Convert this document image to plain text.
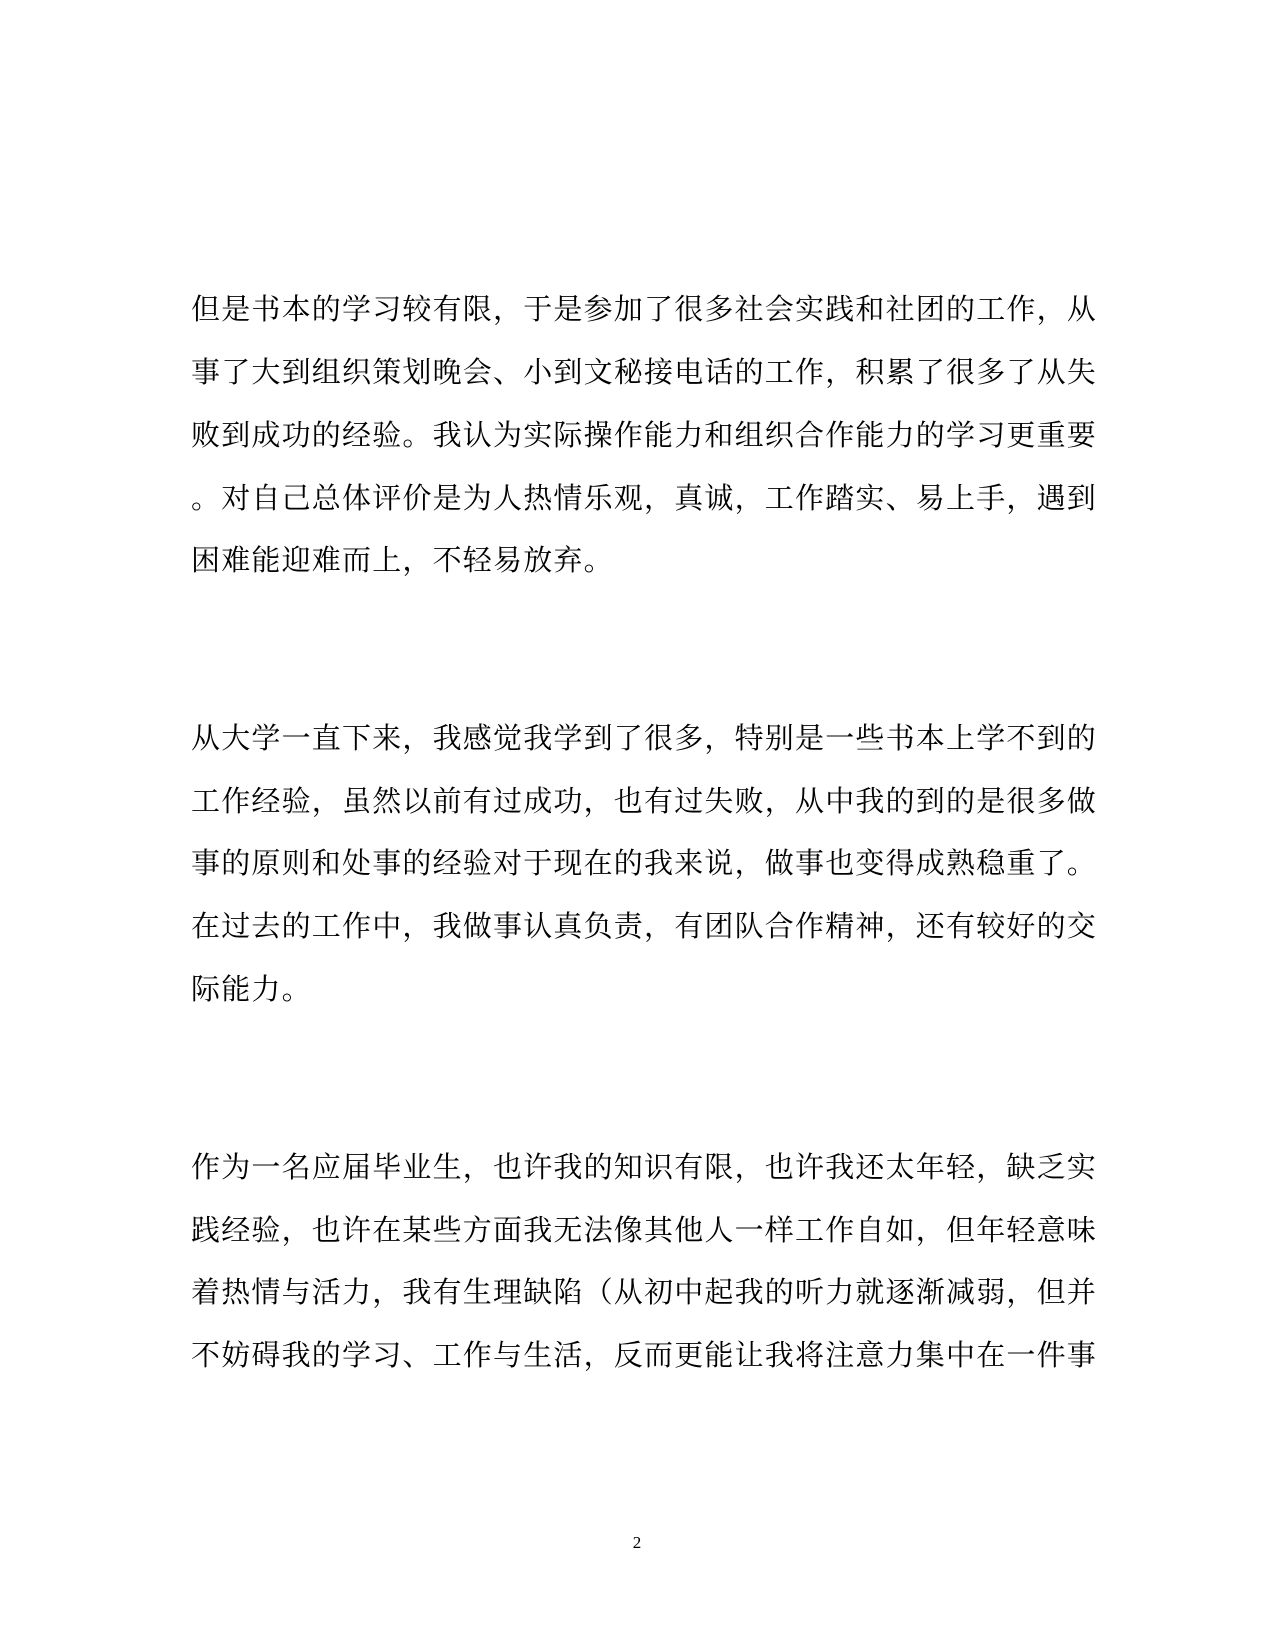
但是书本的学习较有限，于是参加了很多社会实践和社团的工作，从
事了大到组织策划晚会、小到文秘接电话的工作，积累了很多了从失
败到成功的经验。我认为实际操作能力和组织合作能力的学习更重要
。对自己总体评价是为人热情乐观，真诚，工作踏实、易上手，遇到
困难能迎难而上，不轻易放弃。
从大学一直下来，我感觉我学到了很多，特别是一些书本上学不到的
工作经验，虽然以前有过成功，也有过失败，从中我的到的是很多做
事的原则和处事的经验对于现在的我来说，做事也变得成熟稳重了。
在过去的工作中，我做事认真负责，有团队合作精神，还有较好的交
际能力。
作为一名应届毕业生，也许我的知识有限，也许我还太年轻，缺乏实
践经验，也许在某些方面我无法像其他人一样工作自如，但年轻意味
着热情与活力，我有生理缺陷（从初中起我的听力就逐渐减弱，但并
不妨碍我的学习、工作与生活，反而更能让我将注意力集中在一件事
2
